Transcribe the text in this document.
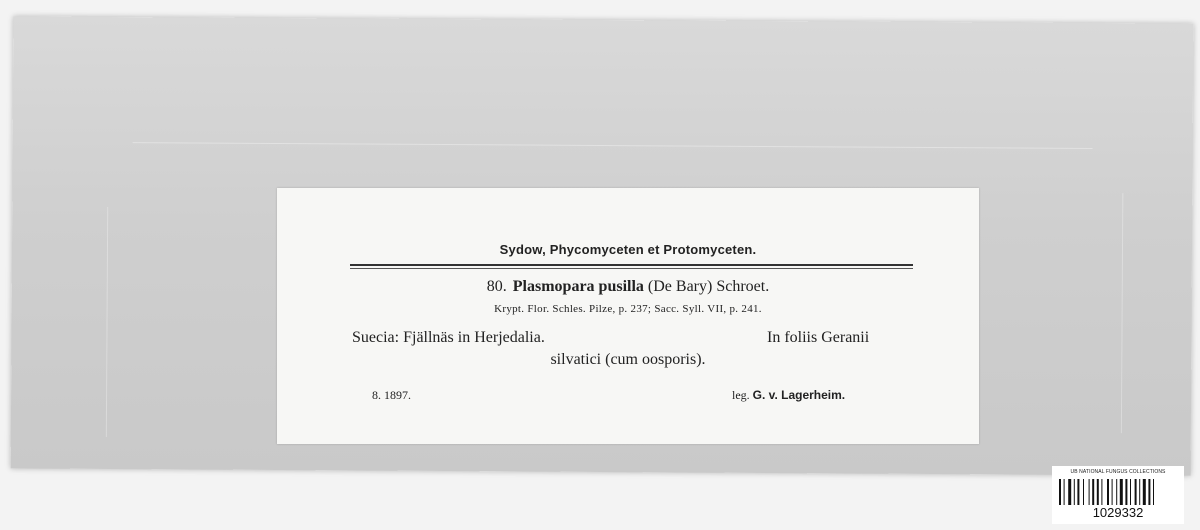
Sydow, Phycomyceten et Protomyceten.
80. Plasmopara pusilla (De Bary) Schroet.
Krypt. Flor. Schles. Pilze, p. 237; Sacc. Syll. VII, p. 241.
Suecia: Fjällnäs in Herjedalia.	In foliis Geranii
silvatici (cum oosporis).
8. 1897.	leg. G. v. Lagerheim.
UB NATIONAL FUNGUS COLLECTIONS
1029332
